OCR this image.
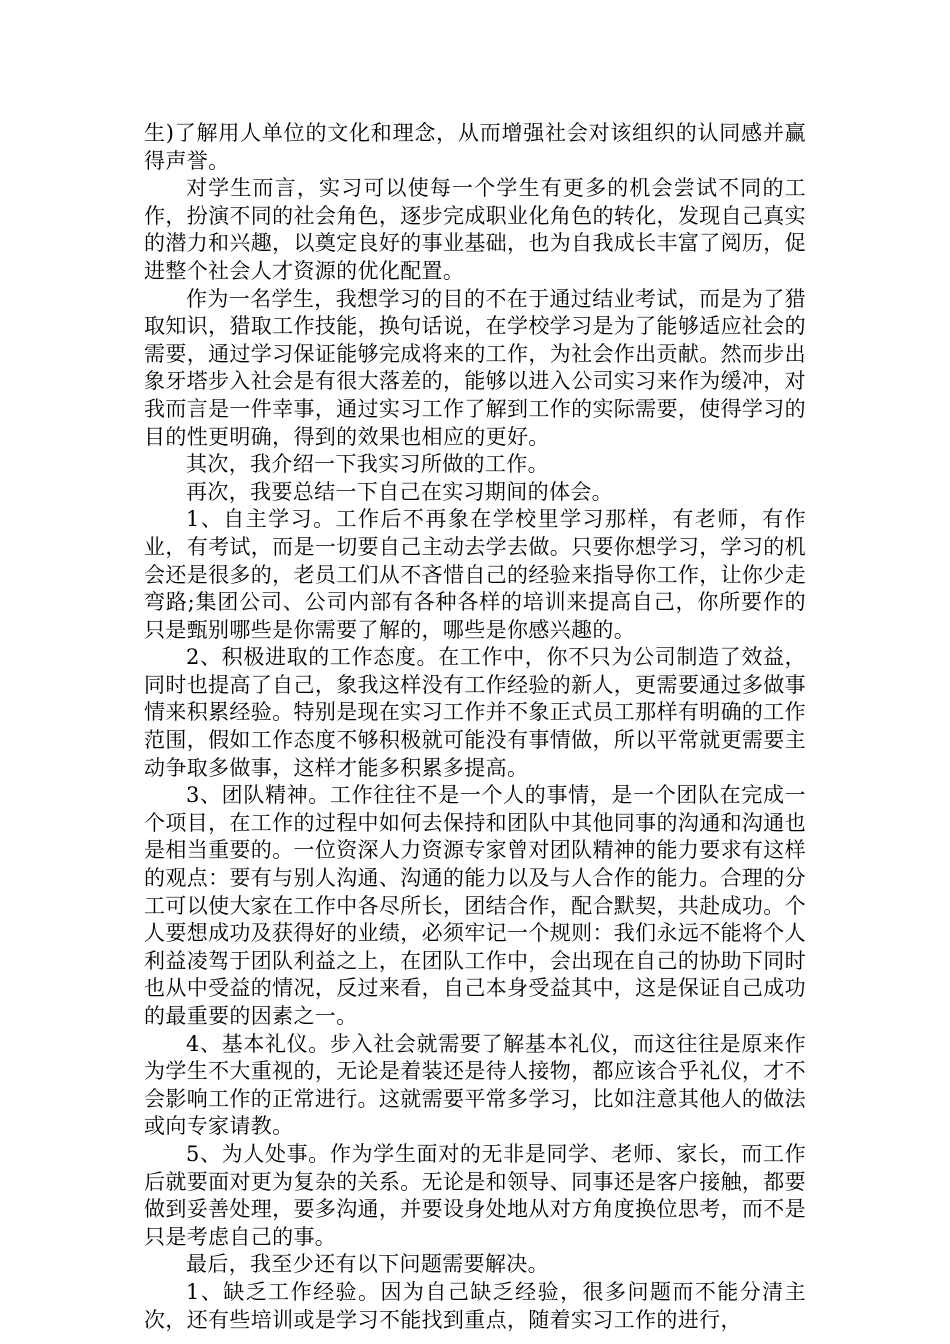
生)了解用人单位的文化和理念，从而增强社会对该组织的认同感并赢得声誉。

对学生而言，实习可以使每一个学生有更多的机会尝试不同的工作，扮演不同的社会角色，逐步完成职业化角色的转化，发现自己真实的潜力和兴趣，以奠定良好的事业基础，也为自我成长丰富了阅历，促进整个社会人才资源的优化配置。

作为一名学生，我想学习的目的不在于通过结业考试，而是为了猎取知识，猎取工作技能，换句话说，在学校学习是为了能够适应社会的需要，通过学习保证能够完成将来的工作，为社会作出贡献。然而步出象牙塔步入社会是有很大落差的，能够以进入公司实习来作为缓冲，对我而言是一件幸事，通过实习工作了解到工作的实际需要，使得学习的目的性更明确，得到的效果也相应的更好。

其次，我介绍一下我实习所做的工作。

再次，我要总结一下自己在实习期间的体会。

1、自主学习。工作后不再象在学校里学习那样，有老师，有作业，有考试，而是一切要自己主动去学去做。只要你想学习，学习的机会还是很多的，老员工们从不吝惜自己的经验来指导你工作，让你少走弯路;集团公司、公司内部有各种各样的培训来提高自己，你所要作的只是甄别哪些是你需要了解的，哪些是你感兴趣的。

2、积极进取的工作态度。在工作中，你不只为公司制造了效益，同时也提高了自己，象我这样没有工作经验的新人，更需要通过多做事情来积累经验。特别是现在实习工作并不象正式员工那样有明确的工作范围，假如工作态度不够积极就可能没有事情做，所以平常就更需要主动争取多做事，这样才能多积累多提高。

3、团队精神。工作往往不是一个人的事情，是一个团队在完成一个项目，在工作的过程中如何去保持和团队中其他同事的沟通和沟通也是相当重要的。一位资深人力资源专家曾对团队精神的能力要求有这样的观点：要有与别人沟通、沟通的能力以及与人合作的能力。合理的分工可以使大家在工作中各尽所长，团结合作，配合默契，共赴成功。个人要想成功及获得好的业绩，必须牢记一个规则：我们永远不能将个人利益凌驾于团队利益之上，在团队工作中，会出现在自己的协助下同时也从中受益的情况，反过来看，自己本身受益其中，这是保证自己成功的最重要的因素之一。

4、基本礼仪。步入社会就需要了解基本礼仪，而这往往是原来作为学生不大重视的，无论是着装还是待人接物，都应该合乎礼仪，才不会影响工作的正常进行。这就需要平常多学习，比如注意其他人的做法或向专家请教。

5、为人处事。作为学生面对的无非是同学、老师、家长，而工作后就要面对更为复杂的关系。无论是和领导、同事还是客户接触，都要做到妥善处理，要多沟通，并要设身处地从对方角度换位思考，而不是只是考虑自己的事。

最后，我至少还有以下问题需要解决。

1、缺乏工作经验。因为自己缺乏经验，很多问题而不能分清主次，还有些培训或是学习不能找到重点，随着实习工作的进行，
